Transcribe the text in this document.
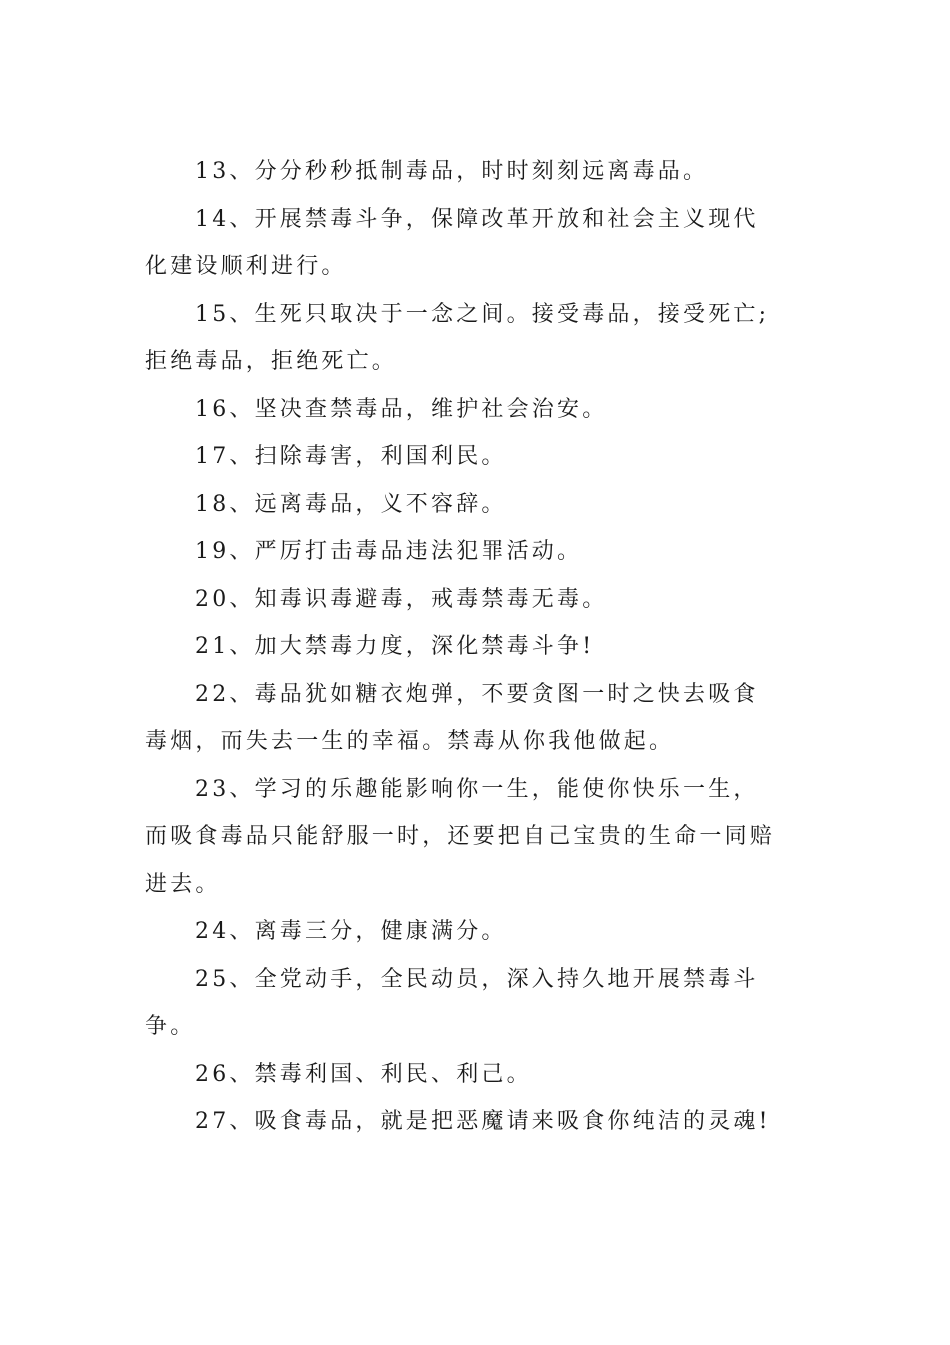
13、分分秒秒抵制毒品，时时刻刻远离毒品。

14、开展禁毒斗争，保障改革开放和社会主义现代化建设顺利进行。

15、生死只取决于一念之间。接受毒品，接受死亡;拒绝毒品，拒绝死亡。

16、坚决查禁毒品，维护社会治安。

17、扫除毒害，利国利民。

18、远离毒品，义不容辞。

19、严厉打击毒品违法犯罪活动。

20、知毒识毒避毒，戒毒禁毒无毒。

21、加大禁毒力度，深化禁毒斗争!

22、毒品犹如糖衣炮弹，不要贪图一时之快去吸食毒烟，而失去一生的幸福。禁毒从你我他做起。

23、学习的乐趣能影响你一生，能使你快乐一生，而吸食毒品只能舒服一时，还要把自己宝贵的生命一同赔进去。

24、离毒三分，健康满分。

25、全党动手，全民动员，深入持久地开展禁毒斗争。

26、禁毒利国、利民、利己。

27、吸食毒品，就是把恶魔请来吸食你纯洁的灵魂!
